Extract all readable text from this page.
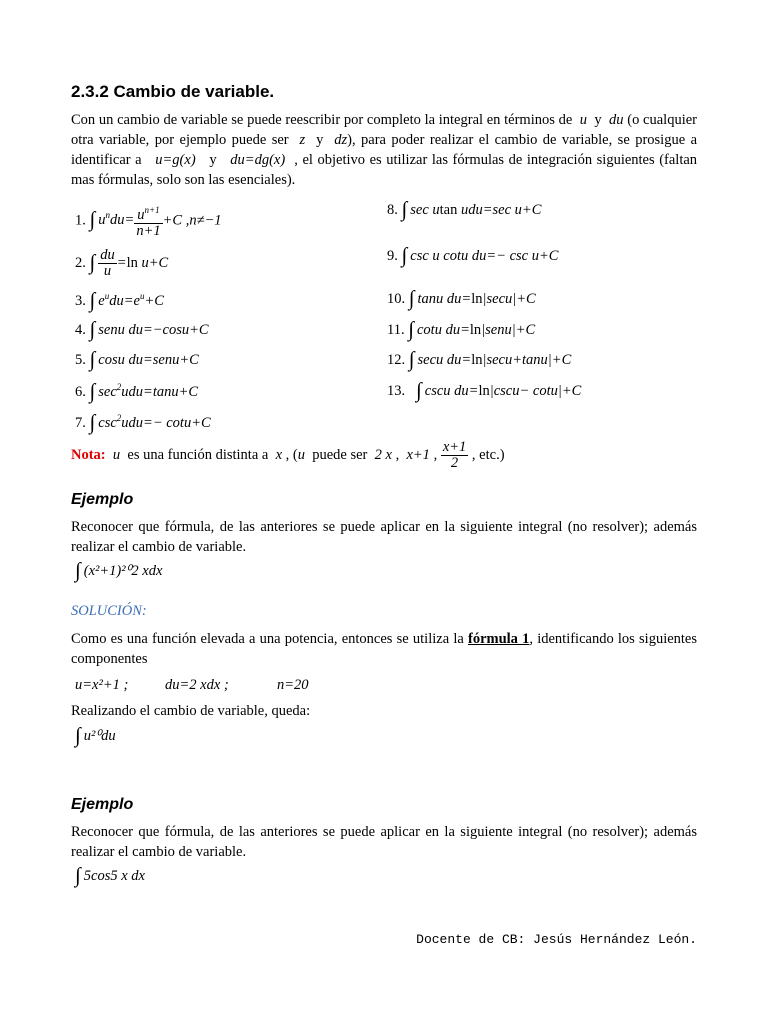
2.3.2 Cambio de variable.
Con un cambio de variable se puede reescribir por completo la integral en términos de u y du (o cualquier otra variable, por ejemplo puede ser z y dz), para poder realizar el cambio de variable, se prosigue a identificar a u=g(x) y du=dg(x) , el objetivo es utilizar las fórmulas de integración siguientes (faltan mas fórmulas, solo son las esenciales).
1. ∫ $u^ndu= \frac{u^{n+1}}{n+1} +C$ ,n≠−1
2. ∫ $\frac{du}{u} =\ln$ u+C
3. ∫ $e^udu=e^u+C$
4. ∫ senu du=−cosu+C
5. ∫ cosu du=senu+C
6. ∫ $\sec^2udu=\tan u+C$
7. ∫ $\csc^2udu=- \cot u+C$
8. ∫ sec utan udu=sec u+C
9. ∫ csc u cotu du=− csc u+C
10. ∫ tanu du=ln|secu|+C
11. ∫ cotu du=ln|senu|+C
12. ∫ secu du=ln|secu+tanu|+C
13. ∫ cscu du=ln|cscu− cotu|+C
Nota: u es una función distinta a x , (u puede ser 2 x , x+1 , $\frac{x+1}{2}$ , etc.)
Ejemplo
Reconocer que fórmula, de las anteriores se puede aplicar en la siguiente integral (no resolver); además realizar el cambio de variable.
∫ (x²+1)²⁰2 xdx
SOLUCIÓN:
Como es una función elevada a una potencia, entonces se utiliza la fórmula 1, identificando los siguientes componentes
u=x²+1 ;	du=2 xdx ;	n=20
Realizando el cambio de variable, queda:
∫ u²⁰du
Ejemplo
Reconocer que fórmula, de las anteriores se puede aplicar en la siguiente integral (no resolver); además realizar el cambio de variable.
∫ 5cos5 x dx
Docente de CB: Jesús Hernández León.
